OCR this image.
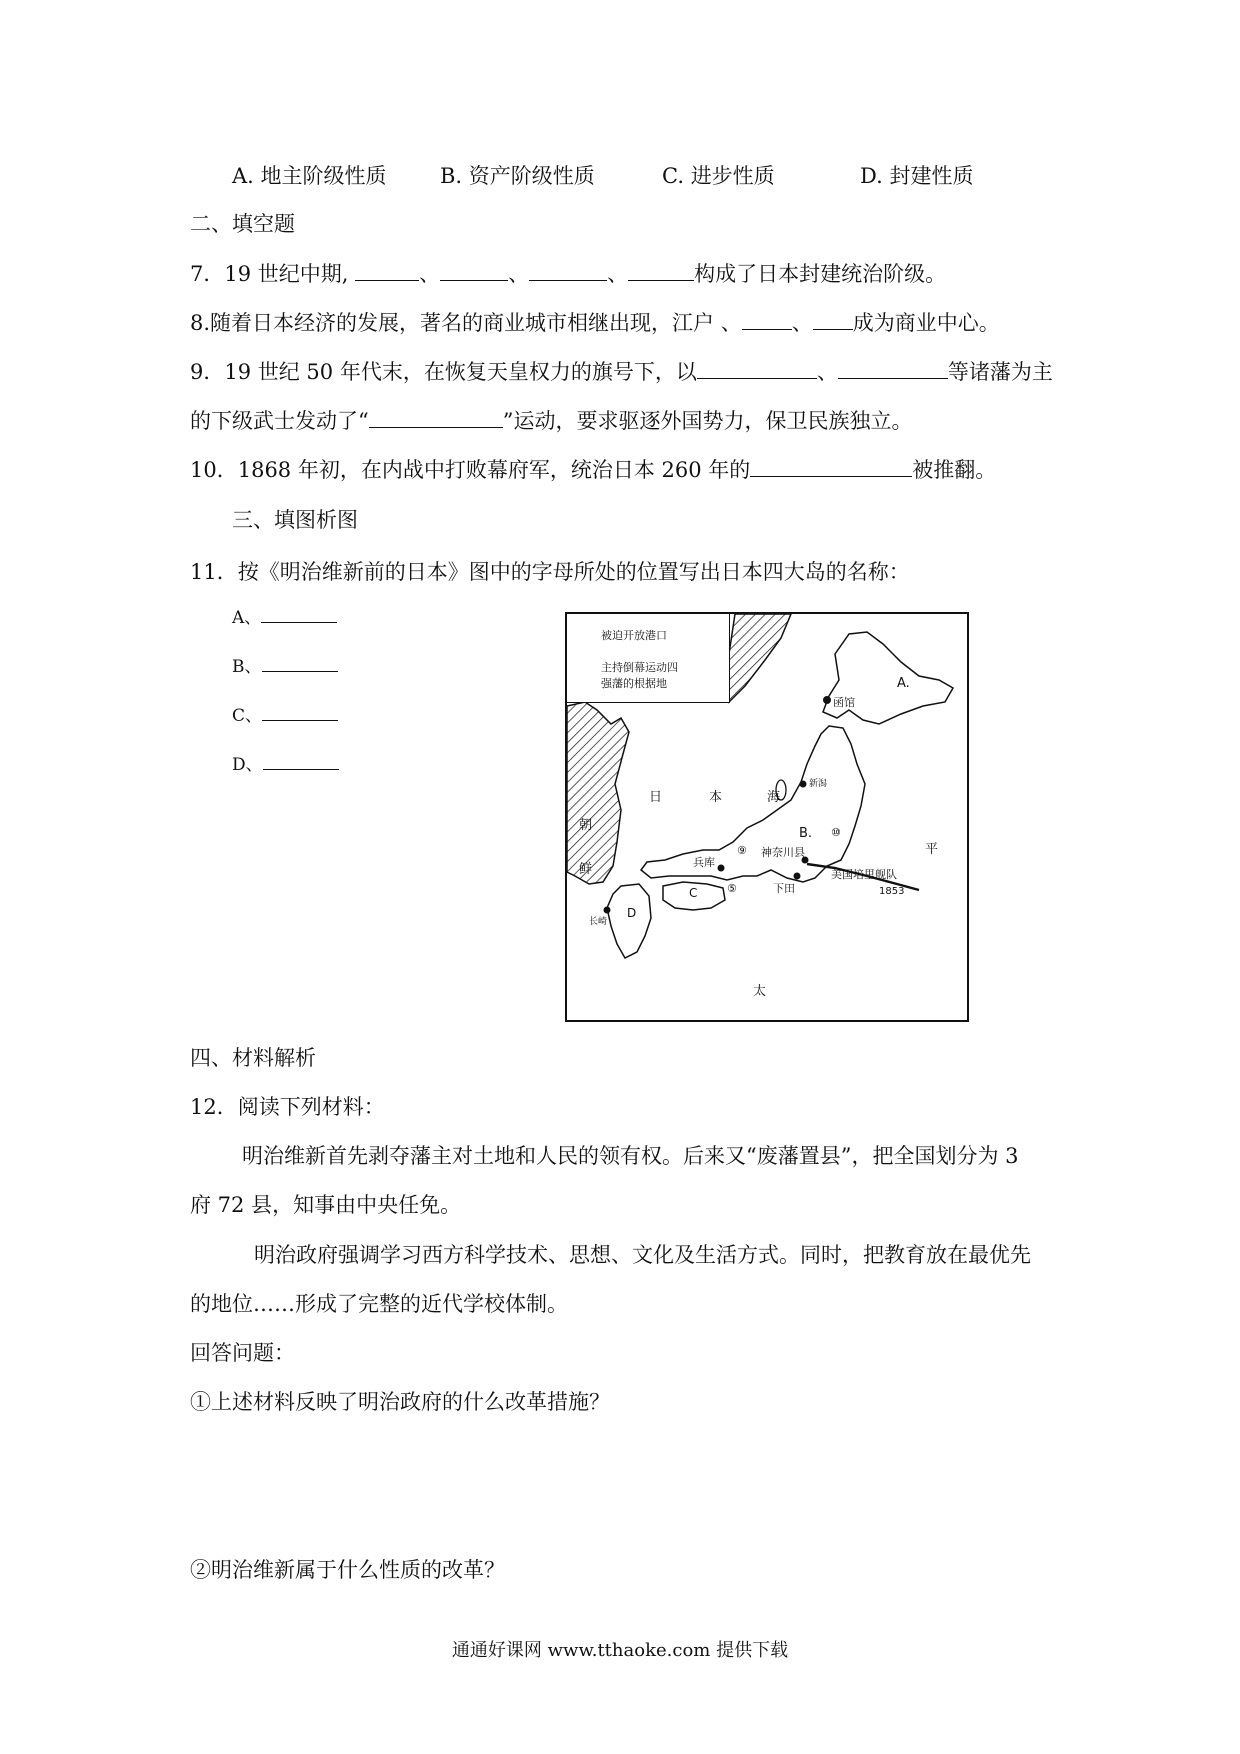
A. 地主阶级性质	B. 资产阶级性质	C. 进步性质	D. 封建性质
二、填空题
7．19 世纪中期,	、	、	、	构成了日本封建统治阶级。
8.随着日本经济的发展，著名的商业城市相继出现，江户 、 、 成为商业中心。
9．19 世纪 50 年代末，在恢复天皇权力的旗号下，以	、	等诸藩为主
的下级武士发动了“	”运动，要求驱逐外国势力，保卫民族独立。
10．1868 年初，在内战中打败幕府军，统治日本 260 年的	被推翻。
三、填图析图
11．按《明治维新前的日本》图中的字母所处的位置写出日本四大岛的名称：
A、
B、
C、
D、
被迫开放港口
主持倒幕运动四
强藩的根据地
日	本	海
朝
鲜
太
平
A.
函馆
新潟
B. ⑩
神奈川县
⑨
兵库
下田
美国培里舰队
1853
⑤
C
D
长崎
四、材料解析
12．阅读下列材料：
明治维新首先剥夺藩主对土地和人民的领有权。后来又“废藩置县”，把全国划分为 3
府 72 县，知事由中央任免。
明治政府强调学习西方科学技术、思想、文化及生活方式。同时，把教育放在最优先
的地位……形成了完整的近代学校体制。
回答问题：
①上述材料反映了明治政府的什么改革措施？
②明治维新属于什么性质的改革？
通通好课网 www.tthaoke.com 提供下载
